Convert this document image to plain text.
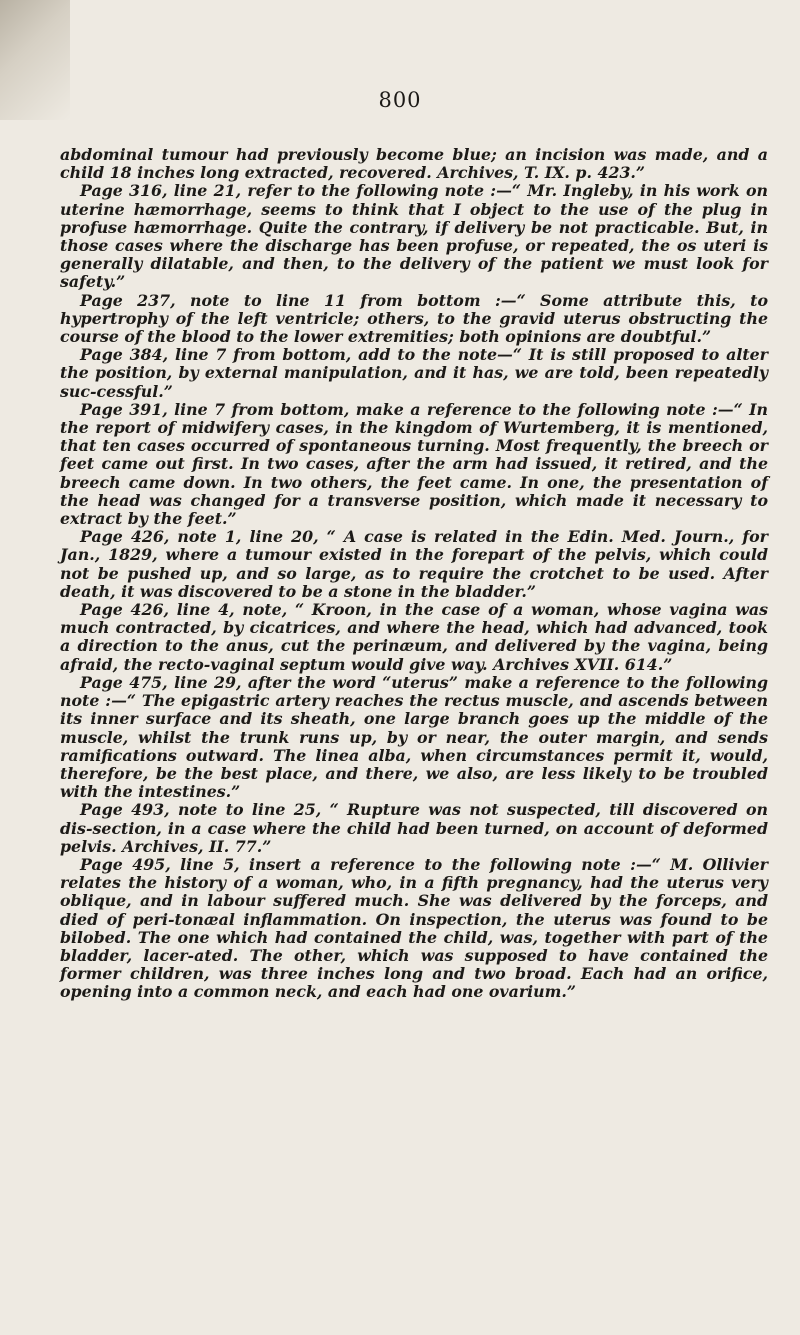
800

abdominal tumour had previously become blue; an incision was made, and a child 18 inches long extracted, recovered. Archives, T. IX. p. 423.”

Page 316, line 21, refer to the following note :—“ Mr. Ingleby, in his work on uterine hæmorrhage, seems to think that I object to the use of the plug in profuse hæmorrhage. Quite the contrary, if delivery be not practicable. But, in those cases where the discharge has been profuse, or repeated, the os uteri is generally dilatable, and then, to the delivery of the patient we must look for safety.”

Page 237, note to line 11 from bottom :—“ Some attribute this, to hypertrophy of the left ventricle; others, to the gravid uterus obstructing the course of the blood to the lower extremities; both opinions are doubtful.”

Page 384, line 7 from bottom, add to the note—“ It is still proposed to alter the position, by external manipulation, and it has, we are told, been repeatedly suc-cessful.”

Page 391, line 7 from bottom, make a reference to the following note :—“ In the report of midwifery cases, in the kingdom of Wurtemberg, it is mentioned, that ten cases occurred of spontaneous turning. Most frequently, the breech or feet came out first. In two cases, after the arm had issued, it retired, and the breech came down. In two others, the feet came. In one, the presentation of the head was changed for a transverse position, which made it necessary to extract by the feet.”

Page 426, note 1, line 20, “ A case is related in the Edin. Med. Journ., for Jan., 1829, where a tumour existed in the forepart of the pelvis, which could not be pushed up, and so large, as to require the crotchet to be used. After death, it was discovered to be a stone in the bladder.”

Page 426, line 4, note, “ Kroon, in the case of a woman, whose vagina was much contracted, by cicatrices, and where the head, which had advanced, took a direction to the anus, cut the perinæum, and delivered by the vagina, being afraid, the recto-vaginal septum would give way. Archives XVII. 614.”

Page 475, line 29, after the word “uterus” make a reference to the following note :—“ The epigastric artery reaches the rectus muscle, and ascends between its inner surface and its sheath, one large branch goes up the middle of the muscle, whilst the trunk runs up, by or near, the outer margin, and sends ramifications outward. The linea alba, when circumstances permit it, would, therefore, be the best place, and there, we also, are less likely to be troubled with the intestines.”

Page 493, note to line 25, “ Rupture was not suspected, till discovered on dis-section, in a case where the child had been turned, on account of deformed pelvis. Archives, II. 77.”

Page 495, line 5, insert a reference to the following note :—“ M. Ollivier relates the history of a woman, who, in a fifth pregnancy, had the uterus very oblique, and in labour suffered much. She was delivered by the forceps, and died of peri-tonæal inflammation. On inspection, the uterus was found to be bilobed. The one which had contained the child, was, together with part of the bladder, lacer-ated. The other, which was supposed to have contained the former children, was three inches long and two broad. Each had an orifice, opening into a common neck, and each had one ovarium.”
